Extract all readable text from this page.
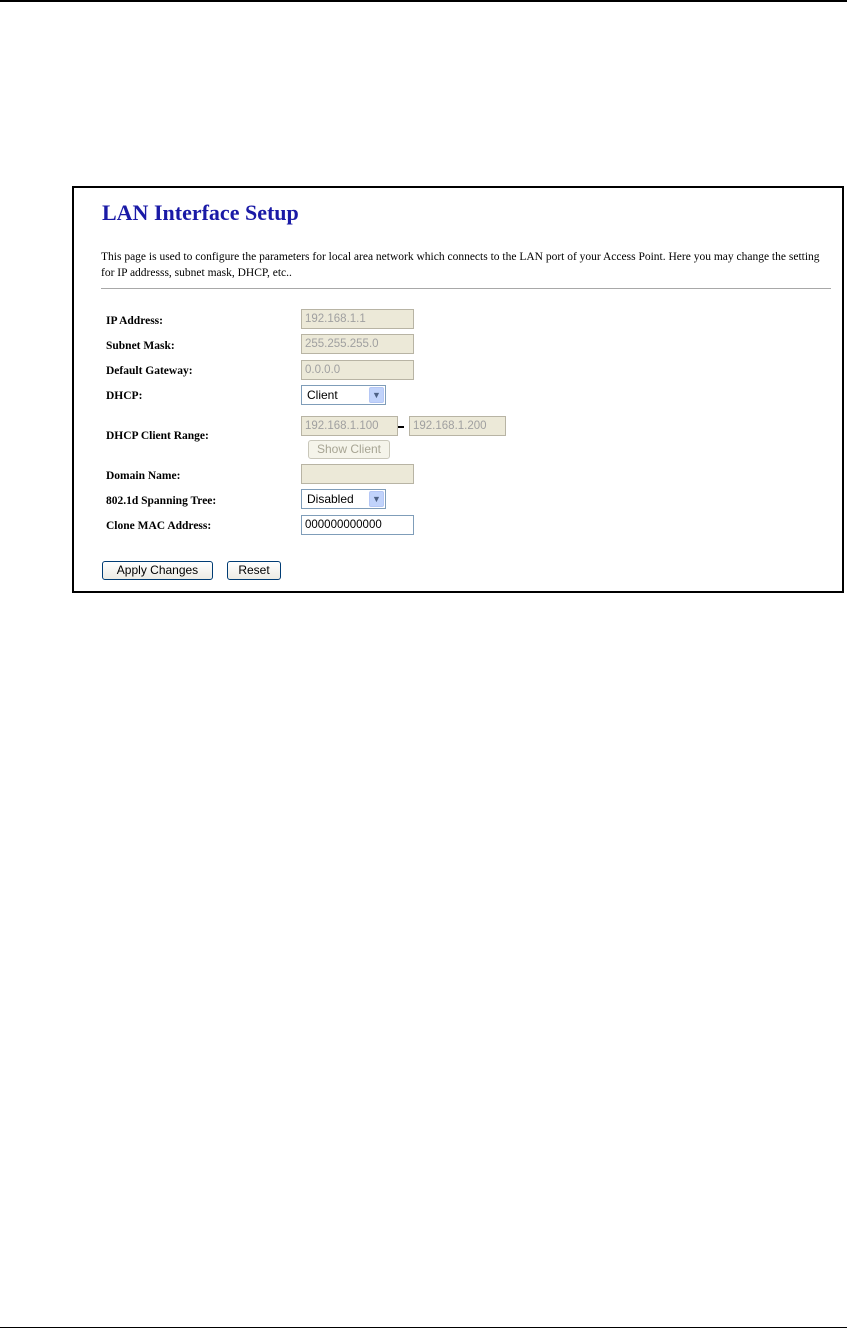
LAN Interface Setup

This page is used to configure the parameters for local area network which connects to the LAN port of your Access Point. Here you may change the setting for IP addresss, subnet mask, DHCP, etc..

IP Address:
192.168.1.1
Subnet Mask:
255.255.255.0
Default Gateway:
0.0.0.0
DHCP:	Client	▼
DHCP Client Range:
192.168.1.100
192.168.1.200
Show Client
Domain Name:
802.1d Spanning Tree:	Disabled	▼
Clone MAC Address:
000000000000
Apply Changes	Reset
